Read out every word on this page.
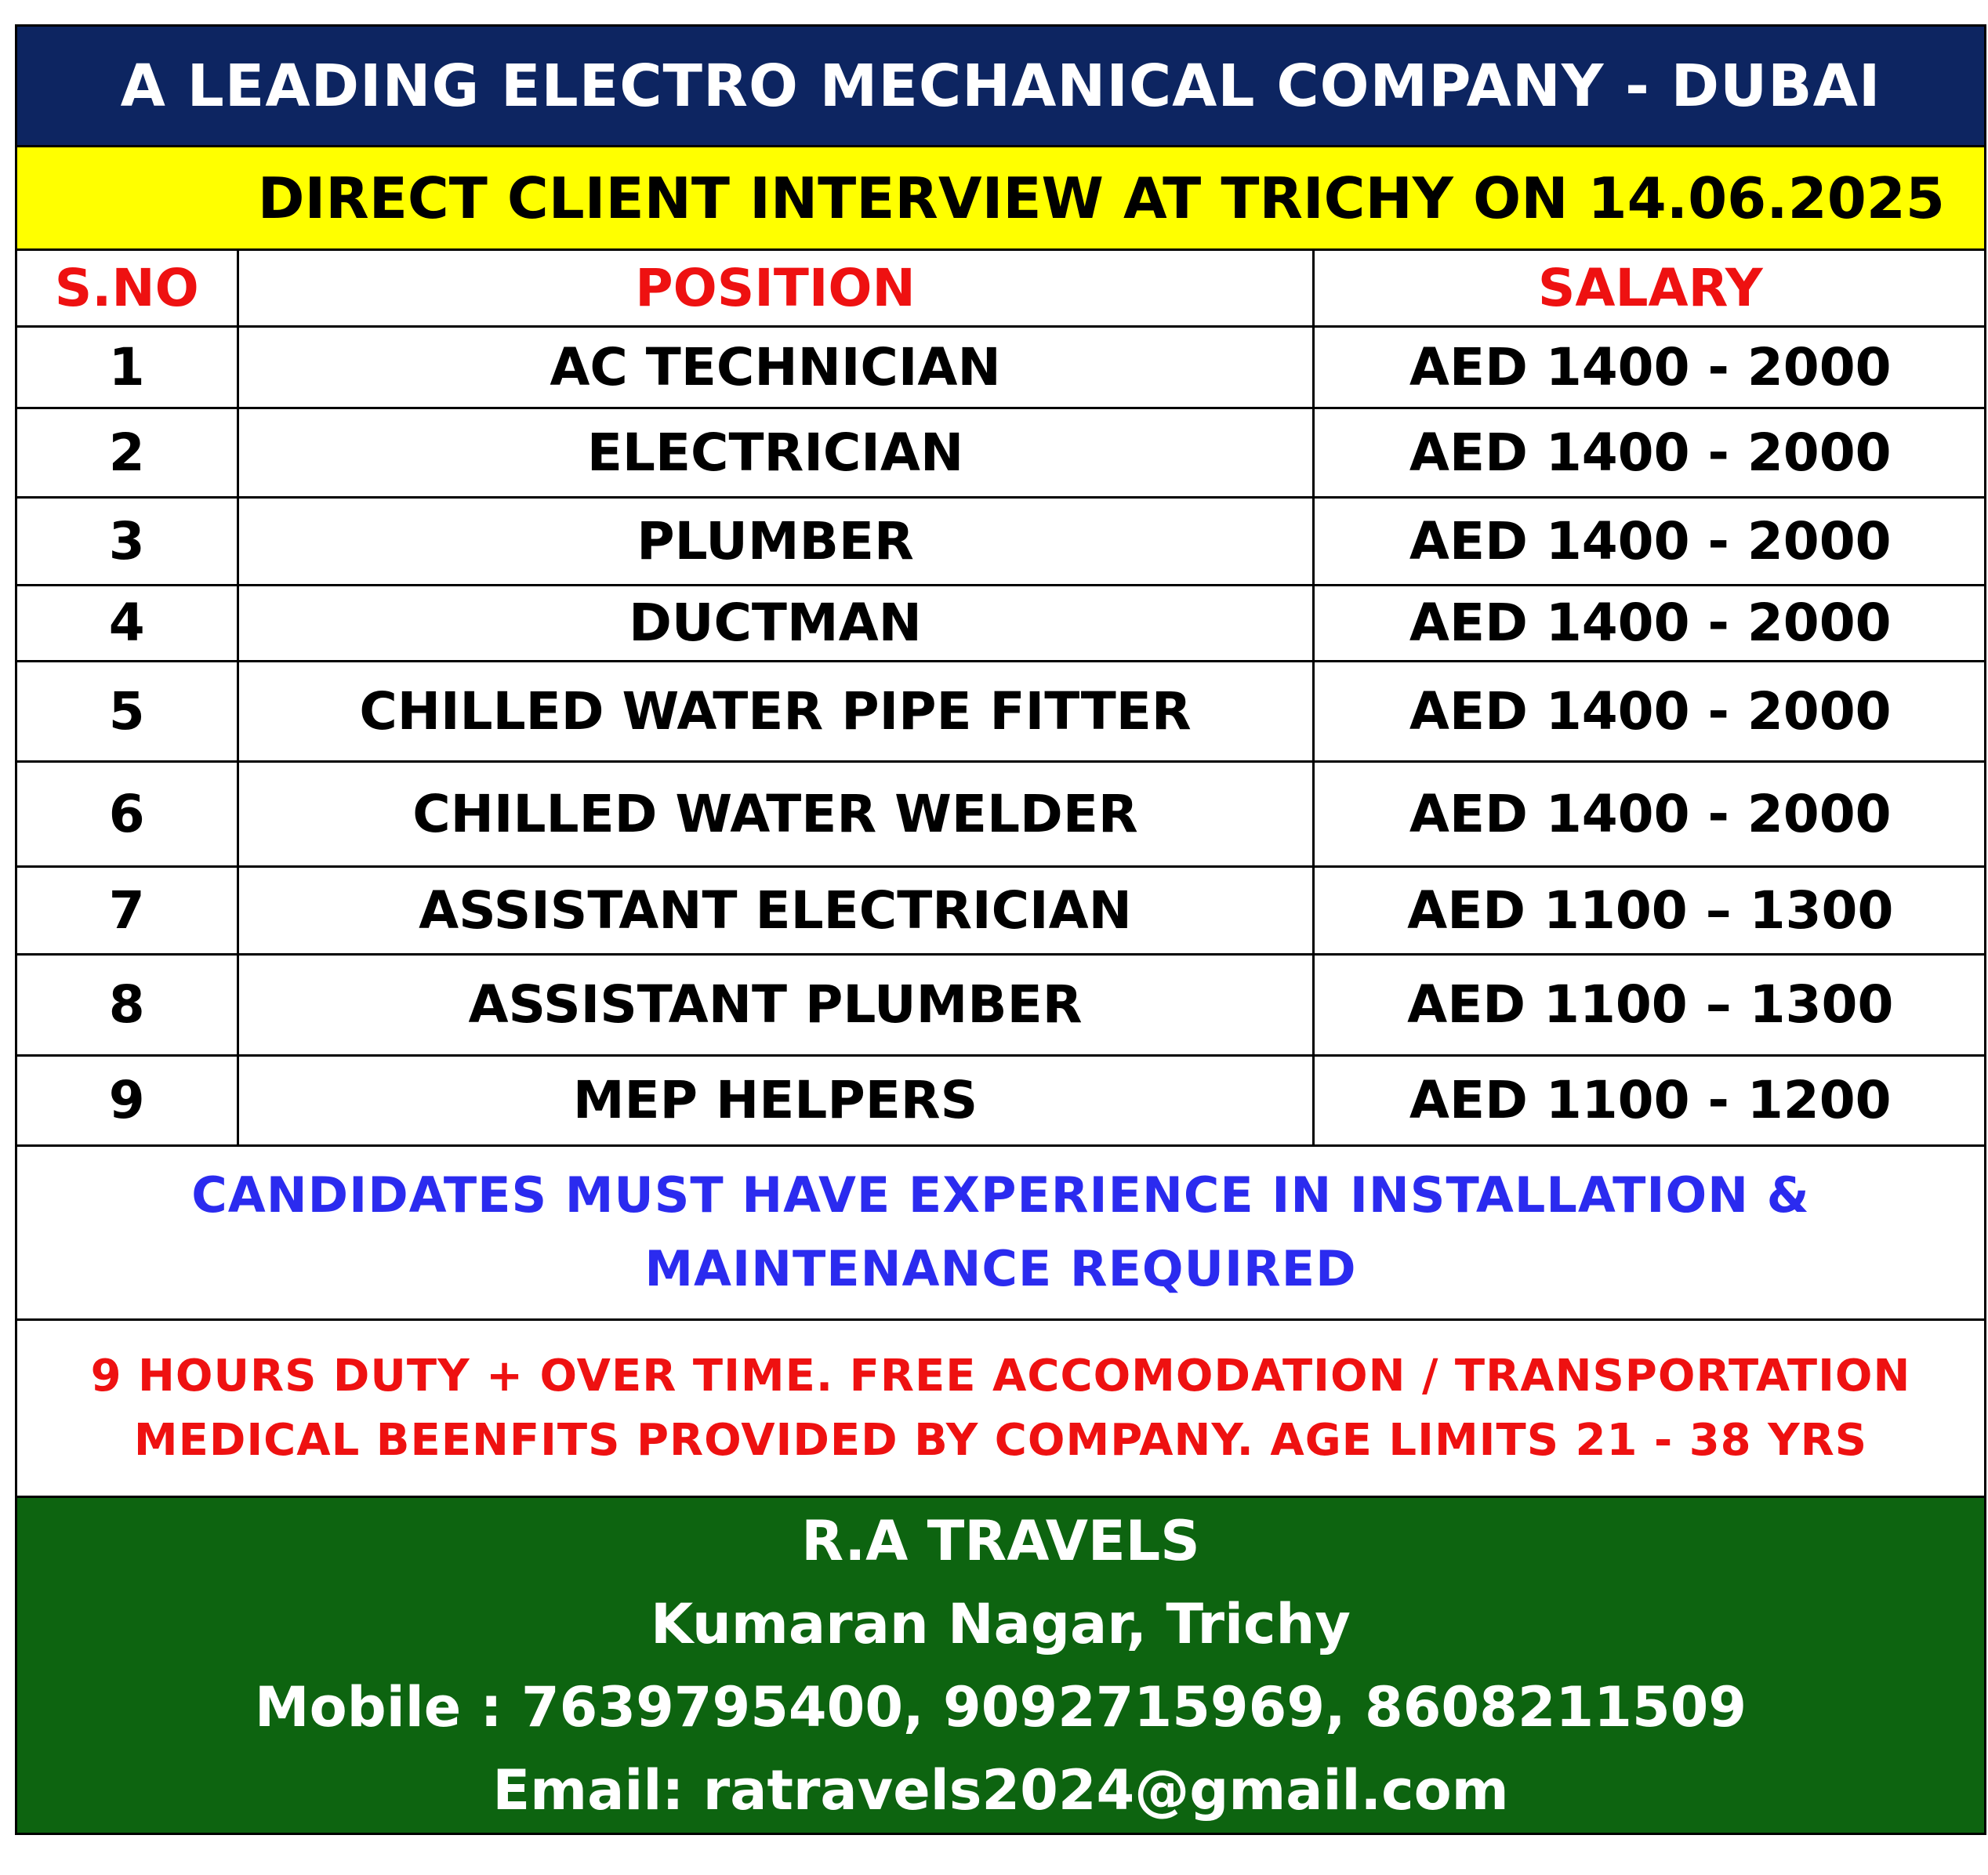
A LEADING ELECTRO MECHANICAL COMPANY - DUBAI
DIRECT CLIENT INTERVIEW AT TRICHY ON 14.06.2025
S.NO	POSITION	SALARY
1	AC TECHNICIAN	AED 1400 - 2000
2	ELECTRICIAN	AED 1400 - 2000
3	PLUMBER	AED 1400 - 2000
4	DUCTMAN	AED 1400 - 2000
5	CHILLED WATER PIPE FITTER	AED 1400 - 2000
6	CHILLED WATER WELDER	AED 1400 - 2000
7	ASSISTANT ELECTRICIAN	AED 1100 – 1300
8	ASSISTANT PLUMBER	AED 1100 – 1300
9	MEP HELPERS	AED 1100 - 1200
CANDIDATES MUST HAVE EXPERIENCE IN INSTALLATION &
MAINTENANCE REQUIRED
9 HOURS DUTY + OVER TIME. FREE ACCOMODATION / TRANSPORTATION
MEDICAL BEENFITS PROVIDED BY COMPANY. AGE LIMITS 21 - 38 YRS
R.A TRAVELS
Kumaran Nagar, Trichy
Mobile : 7639795400, 9092715969, 8608211509
Email: ratravels2024@gmail.com
